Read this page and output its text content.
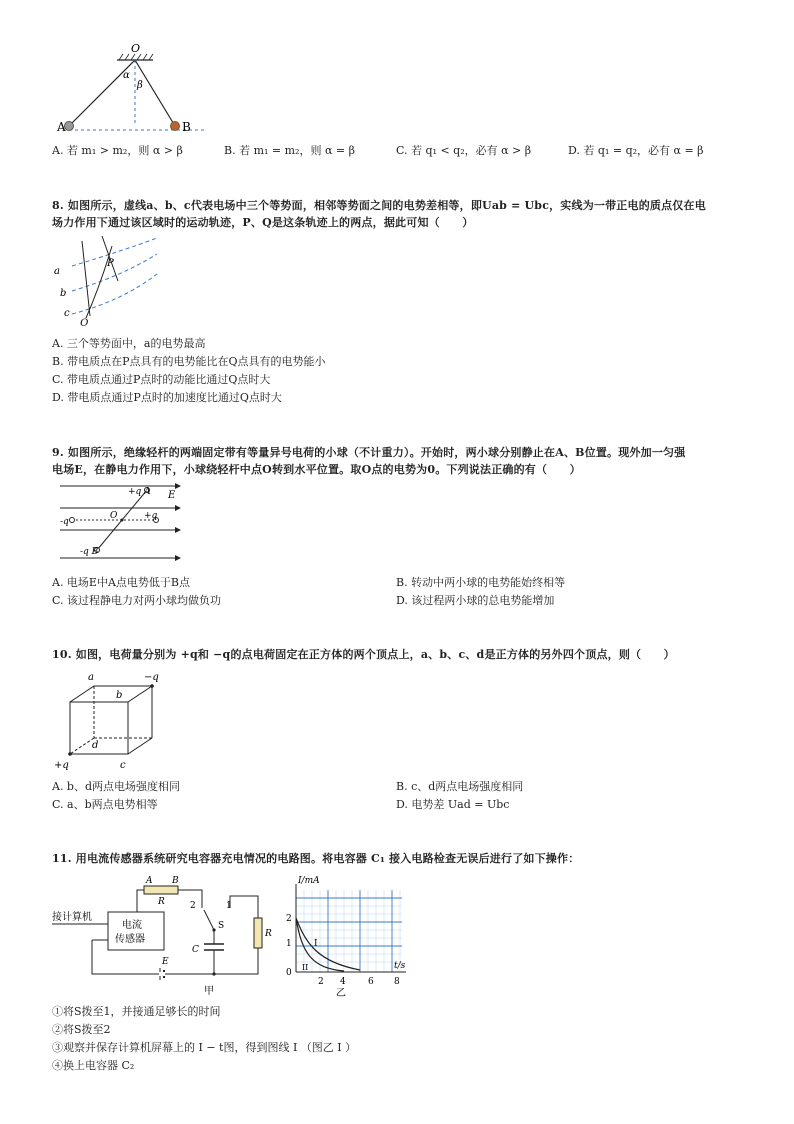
O
α
β
A	B
A. 若 m₁ > m₂，则 α > β	B. 若 m₁ = m₂，则 α = β	C. 若 q₁ < q₂，必有 α > β	D. 若 q₁ = q₂，必有 α = β
8. 如图所示，虚线a、b、c代表电场中三个等势面，相邻等势面之间的电势差相等，即Uab = Ubc，实线为一带正电的质点仅在电
场力作用下通过该区域时的运动轨迹，P、Q是这条轨迹上的两点，据此可知（　　）
a
b
c
P
Q
A. 三个等势面中，a的电势最高
B. 带电质点在P点具有的电势能比在Q点具有的电势能小
C. 带电质点通过P点时的动能比通过Q点时大
D. 带电质点通过P点时的加速度比通过Q点时大
9. 如图所示，绝缘轻杆的两端固定带有等量异号电荷的小球（不计重力）。开始时，两小球分别静止在A、B位置。现外加一匀强
电场E，在静电力作用下，小球绕轻杆中点O转到水平位置。取O点的电势为0。下列说法正确的有（　　）
+q A E
-q
O	+q
-q B
A. 电场E中A点电势低于B点	B. 转动中两小球的电势能始终相等
C. 该过程静电力对两小球均做负功	D. 该过程两小球的总电势能增加
10. 如图，电荷量分别为 +q和 −q的点电荷固定在正方体的两个顶点上，a、b、c、d是正方体的另外四个顶点，则（　　）
a
b
−q
d
+q	c
A. b、d两点电场强度相同	B. c、d两点电场强度相同
C. a、b两点电势相等	D. 电势差 Uad = Ubc
11. 用电流传感器系统研究电容器充电情况的电路图。将电容器 C₁ 接入电路检查无误后进行了如下操作：
A B
R	2	1
S
C
R
E
电流
传感器
接计算机
甲
I/mA
t/s
2
1
0
2 4 6 8
I
II
乙
①将S拨至1，并接通足够长的时间
②将S拨至2
③观察并保存计算机屏幕上的 I − t图，得到图线 I （图乙 I ）
④换上电容器 C₂
